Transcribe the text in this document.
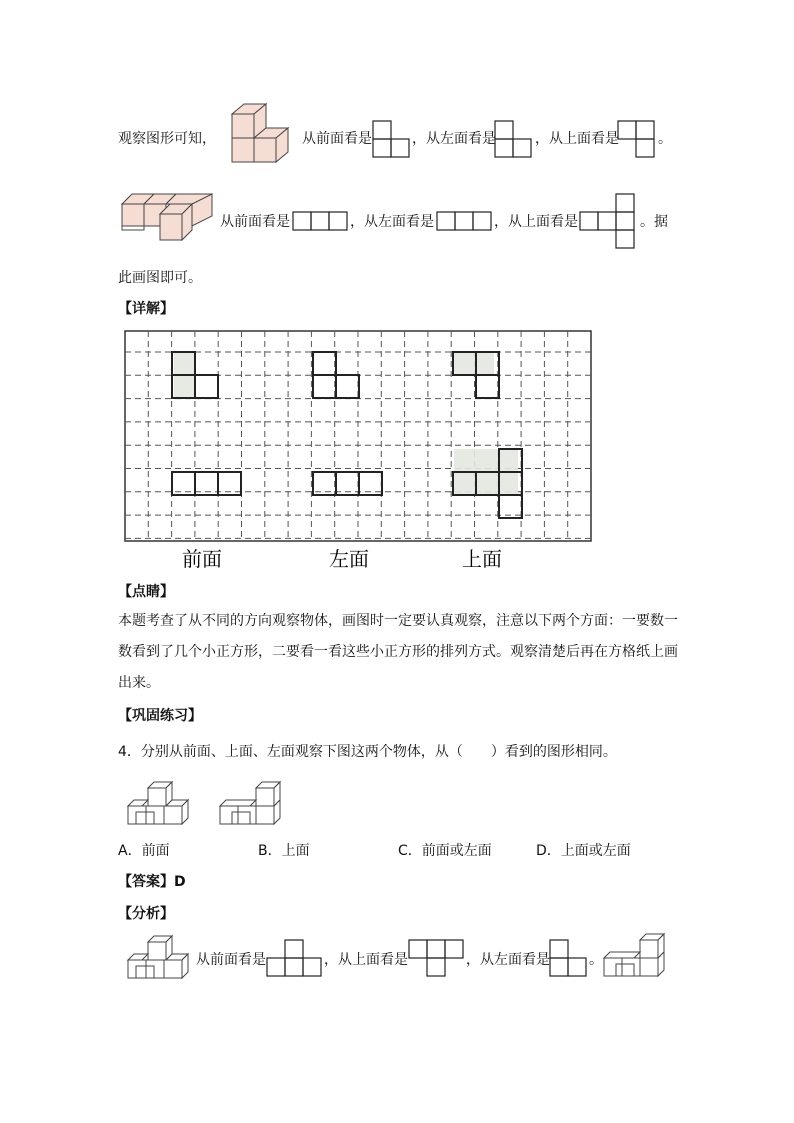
观察图形可知，	从前面看是	，从左面看是	，从上面看是	。
从前面看是	，从左面看是	，从上面看是	。据
此画图即可。
【详解】
前面	左面	上面
【点睛】
本题考查了从不同的方向观察物体，画图时一定要认真观察，注意以下两个方面：一要数一数看到了几个小正方形，二要看一看这些小正方形的排列方式。观察清楚后再在方格纸上画出来。
【巩固练习】
4．分别从前面、上面、左面观察下图这两个物体，从（　　）看到的图形相同。
A．前面	B．上面	C．前面或左面	D．上面或左面
【答案】D
【分析】
从前面看是	，从上面看是	，从左面看是	。
